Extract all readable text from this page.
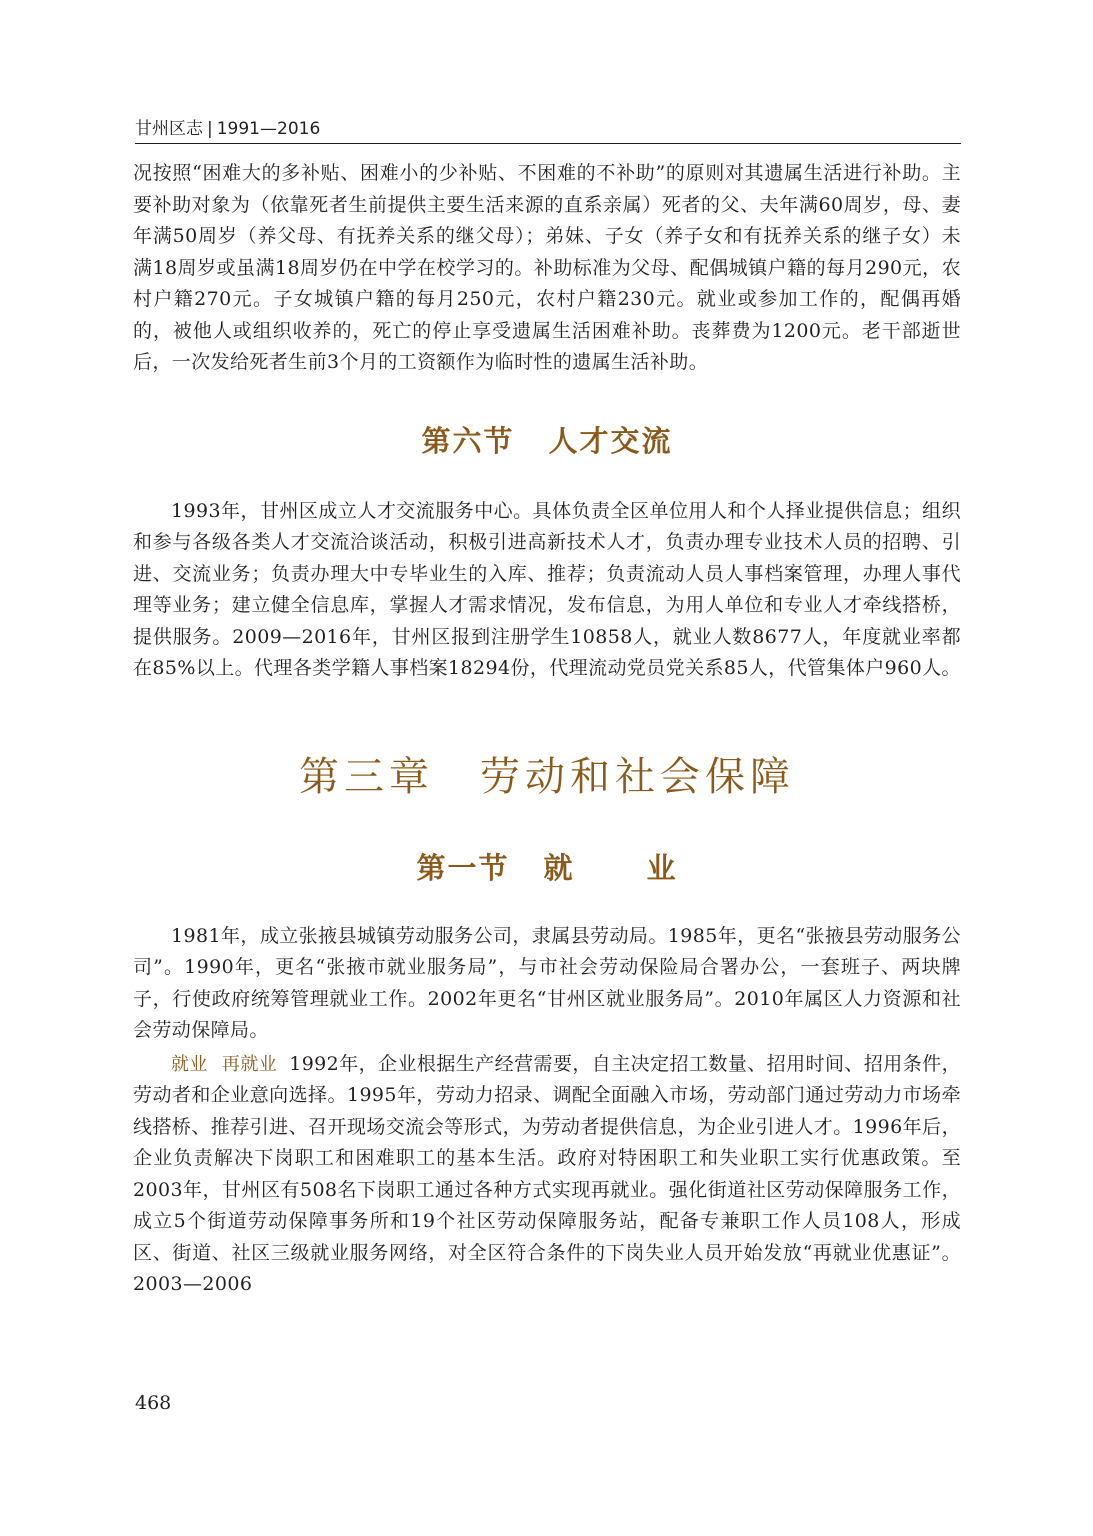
甘州区志 | 1991—2016

况按照“困难大的多补贴、困难小的少补贴、不困难的不补助”的原则对其遗属生活进行补助。主要补助对象为（依靠死者生前提供主要生活来源的直系亲属）死者的父、夫年满60周岁，母、妻年满50周岁（养父母、有抚养关系的继父母）；弟妹、子女（养子女和有抚养关系的继子女）未满18周岁或虽满18周岁仍在中学在校学习的。补助标准为父母、配偶城镇户籍的每月290元，农村户籍270元。子女城镇户籍的每月250元，农村户籍230元。就业或参加工作的，配偶再婚的，被他人或组织收养的，死亡的停止享受遗属生活困难补助。丧葬费为1200元。老干部逝世后，一次发给死者生前3个月的工资额作为临时性的遗属生活补助。

第六节 人才交流

1993年，甘州区成立人才交流服务中心。具体负责全区单位用人和个人择业提供信息；组织和参与各级各类人才交流洽谈活动，积极引进高新技术人才，负责办理专业技术人员的招聘、引进、交流业务；负责办理大中专毕业生的入库、推荐；负责流动人员人事档案管理，办理人事代理等业务；建立健全信息库，掌握人才需求情况，发布信息，为用人单位和专业人才牵线搭桥，提供服务。2009—2016年，甘州区报到注册学生10858人，就业人数8677人，年度就业率都在85%以上。代理各类学籍人事档案18294份，代理流动党员党关系85人，代管集体户960人。

第三章 劳动和社会保障
第一节 就 业

1981年，成立张掖县城镇劳动服务公司，隶属县劳动局。1985年，更名“张掖县劳动服务公司”。1990年，更名“张掖市就业服务局”，与市社会劳动保险局合署办公，一套班子、两块牌子，行使政府统筹管理就业工作。2002年更名“甘州区就业服务局”。2010年属区人力资源和社会劳动保障局。

就业 再就业 1992年，企业根据生产经营需要，自主决定招工数量、招用时间、招用条件，劳动者和企业意向选择。1995年，劳动力招录、调配全面融入市场，劳动部门通过劳动力市场牵线搭桥、推荐引进、召开现场交流会等形式，为劳动者提供信息，为企业引进人才。1996年后，企业负责解决下岗职工和困难职工的基本生活。政府对特困职工和失业职工实行优惠政策。至2003年，甘州区有508名下岗职工通过各种方式实现再就业。强化街道社区劳动保障服务工作，成立5个街道劳动保障事务所和19个社区劳动保障服务站，配备专兼职工作人员108人，形成区、街道、社区三级就业服务网络，对全区符合条件的下岗失业人员开始发放“再就业优惠证”。2003—2006

468
